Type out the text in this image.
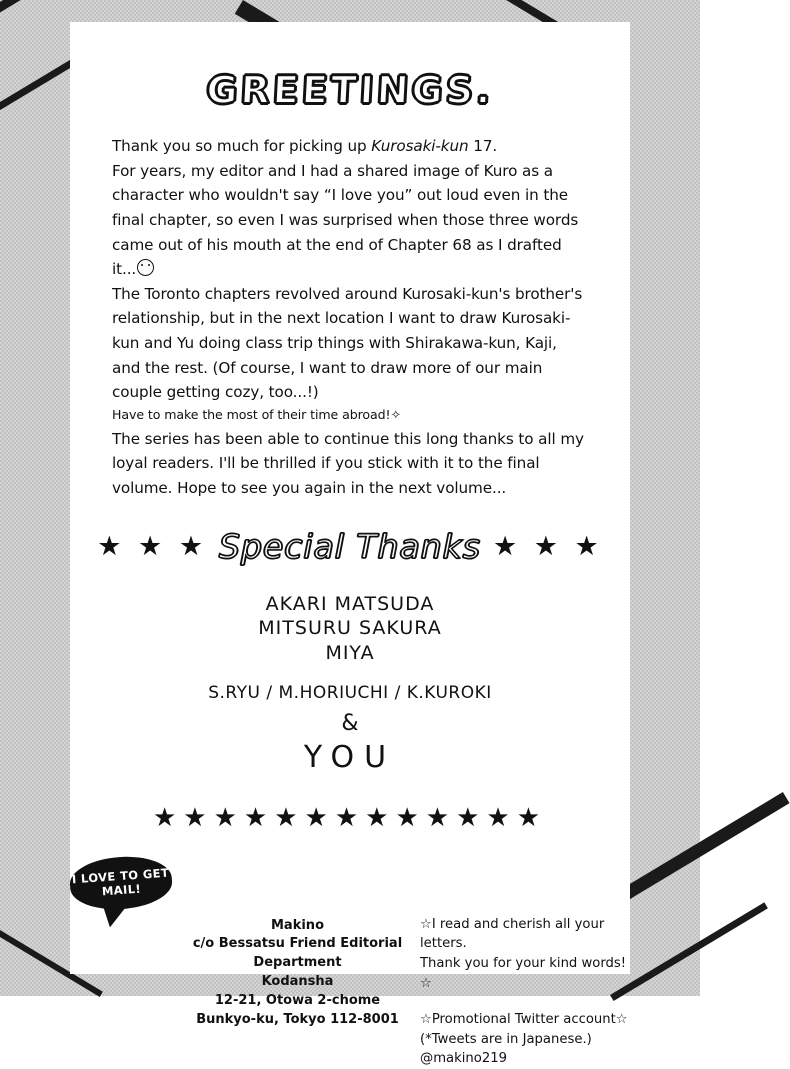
GREETINGS.

Thank you so much for picking up Kurosaki-kun 17.
For years, my editor and I had a shared image of Kuro as a character who wouldn't say “I love you” out loud even in the final chapter, so even I was surprised when those three words came out of his mouth at the end of Chapter 68 as I drafted it...

The Toronto chapters revolved around Kurosaki-kun's brother's relationship, but in the next location I want to draw Kurosaki-kun and Yu doing class trip things with Shirakawa-kun, Kaji, and the rest. (Of course, I want to draw more of our main couple getting cozy, too...!)

Have to make the most of their time abroad!✧

The series has been able to continue this long thanks to all my loyal readers. I'll be thrilled if you stick with it to the final volume. Hope to see you again in the next volume...

★ ★ ★ Special Thanks ★ ★ ★
AKARI MATSUDA
MITSURU SAKURA
MIYA
S.RYU / M.HORIUCHI / K.KUROKI
&
YOU
★★★★★★★★★★★★★
I LOVE TO GET MAIL!
Makino
c/o Bessatsu Friend Editorial
Department
Kodansha
12-21, Otowa 2-chome
Bunkyo-ku, Tokyo 112-8001
☆I read and cherish all your letters.
Thank you for your kind words!☆
☆Promotional Twitter account☆
(*Tweets are in Japanese.)
@makino219
